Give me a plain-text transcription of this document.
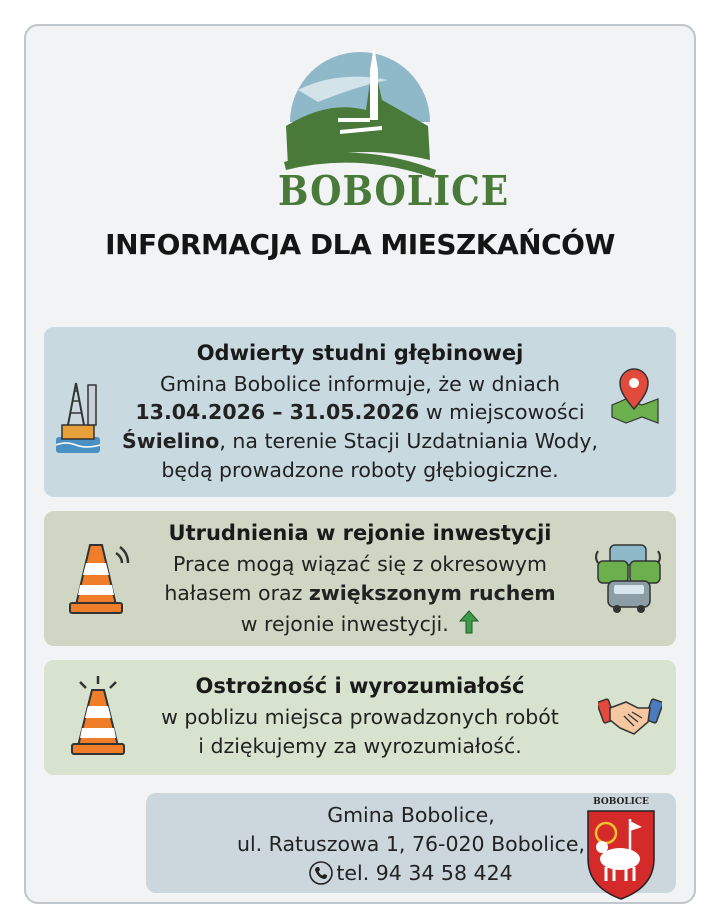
BOBOLICE
INFORMACJA DLA MIESZKAŃCÓW
Odwierty studni głębinowej
Gmina Bobolice informuje, że w dniach
13.04.2026 – 31.05.2026 w miejscowości
Świelino, na terenie Stacji Uzdatniania Wody,
będą prowadzone roboty głębiogiczne.
Utrudnienia w rejonie inwestycji
Prace mogą wiązać się z okresowym
hałasem oraz zwiększonym ruchem
w rejonie inwestycji.
Ostrożność i wyrozumiałość
w poblizu miejsca prowadzonych robót
i dziękujemy za wyrozumiałość.
Gmina Bobolice,
ul. Ratuszowa 1, 76-020 Bobolice,
tel. 94 34 58 424
BOBOLICE
